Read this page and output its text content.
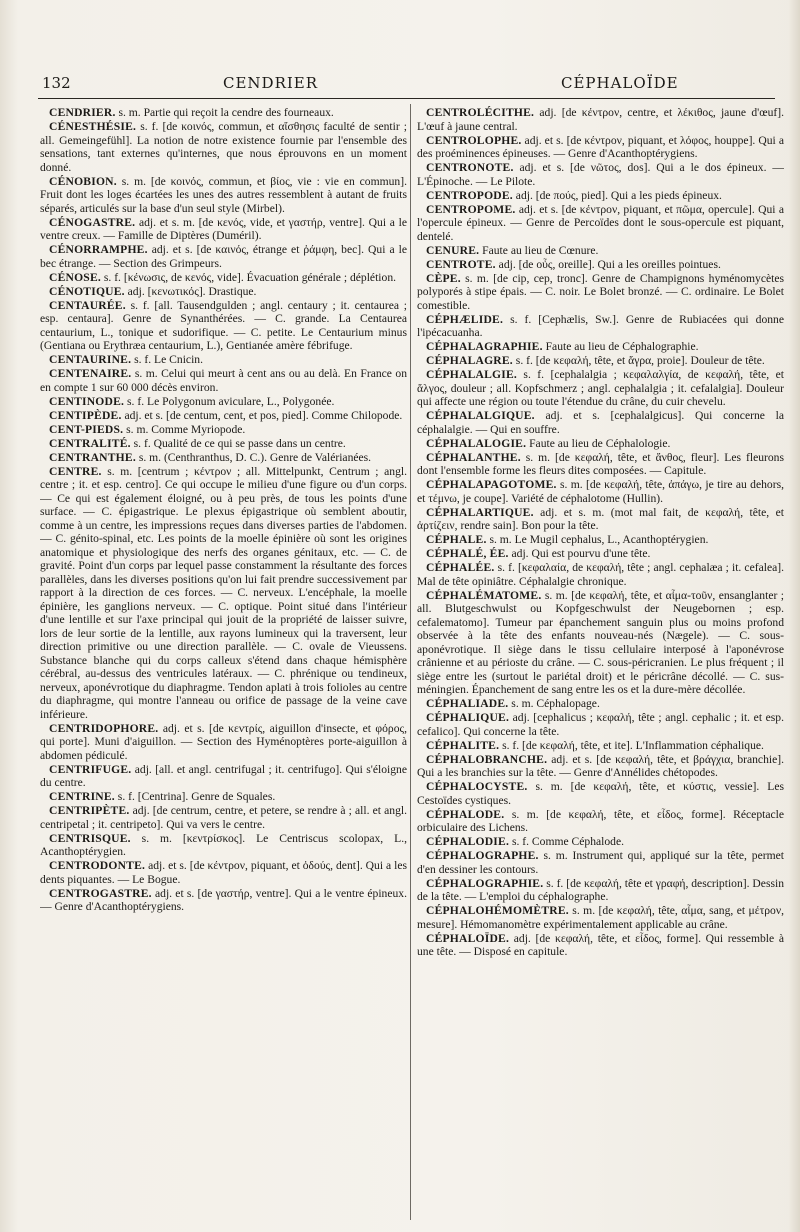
132	CENDRIER	CÉPHALOÏDE

CENDRIER. s. m. Partie qui reçoit la cendre des fourneaux.

CÉNESTHÉSIE. s. f. [de κοινός, commun, et αἴσθησις faculté de sentir ; all. Gemeingefühl]. La notion de notre existence fournie par l'ensemble des sensations, tant externes qu'internes, que nous éprouvons en un moment donné.

CÉNOBION. s. m. [de κοινός, commun, et βίος, vie : vie en commun]. Fruit dont les loges écartées les unes des autres ressemblent à autant de fruits séparés, articulés sur la base d'un seul style (Mirbel).

CÉNOGASTRE. adj. et s. m. [de κενός, vide, et γαστήρ, ventre]. Qui a le ventre creux. — Famille de Diptères (Duméril).

CÉNORRAMPHE. adj. et s. [de καινός, étrange et ῥάμφη, bec]. Qui a le bec étrange. — Section des Grimpeurs.

CÉNOSE. s. f. [κένωσις, de κενός, vide]. Évacuation générale ; déplétion.

CÉNOTIQUE. adj. [κενωτικός]. Drastique.

CENTAURÉE. s. f. [all. Tausendgulden ; angl. centaury ; it. centaurea ; esp. centaura]. Genre de Synanthérées. — C. grande. La Centaurea centaurium, L., tonique et sudorifique. — C. petite. Le Centaurium minus (Gentiana ou Erythræa centaurium, L.), Gentianée amère fébrifuge.

CENTAURINE. s. f. Le Cnicin.

CENTENAIRE. s. m. Celui qui meurt à cent ans ou au delà. En France on en compte 1 sur 60 000 décès environ.

CENTINODE. s. f. Le Polygonum aviculare, L., Polygonée.

CENTIPÈDE. adj. et s. [de centum, cent, et pos, pied]. Comme Chilopode.

CENT-PIEDS. s. m. Comme Myriopode.

CENTRALITÉ. s. f. Qualité de ce qui se passe dans un centre.

CENTRANTHE. s. m. (Centhranthus, D. C.). Genre de Valérianées.

CENTRE. s. m. [centrum ; κέντρον ; all. Mittelpunkt, Centrum ; angl. centre ; it. et esp. centro]. Ce qui occupe le milieu d'une figure ou d'un corps. — Ce qui est également éloigné, ou à peu près, de tous les points d'une surface. — C. épigastrique. Le plexus épigastrique où semblent aboutir, comme à un centre, les impressions reçues dans diverses parties de l'abdomen. — C. génito-spinal, etc. Les points de la moelle épinière où sont les origines anatomique et physiologique des nerfs des organes génitaux, etc. — C. de gravité. Point d'un corps par lequel passe constamment la résultante des forces parallèles, dans les diverses positions qu'on lui fait prendre successivement par rapport à la direction de ces forces. — C. nerveux. L'encéphale, la moelle épinière, les ganglions nerveux. — C. optique. Point situé dans l'intérieur d'une lentille et sur l'axe principal qui jouit de la propriété de laisser suivre, lors de leur sortie de la lentille, aux rayons lumineux qui la traversent, leur direction primitive ou une direction parallèle. — C. ovale de Vieussens. Substance blanche qui du corps calleux s'étend dans chaque hémisphère cérébral, au-dessus des ventricules latéraux. — C. phrénique ou tendineux, nerveux, aponévrotique du diaphragme. Tendon aplati à trois folioles au centre du diaphragme, qui montre l'anneau ou orifice de passage de la veine cave inférieure.

CENTRIDOPHORE. adj. et s. [de κεντρίς, aiguillon d'insecte, et φόρος, qui porte]. Muni d'aiguillon. — Section des Hyménoptères porte-aiguillon à abdomen pédiculé.

CENTRIFUGE. adj. [all. et angl. centrifugal ; it. centrifugo]. Qui s'éloigne du centre.

CENTRINE. s. f. [Centrina]. Genre de Squales.

CENTRIPÈTE. adj. [de centrum, centre, et petere, se rendre à ; all. et angl. centripetal ; it. centripeto]. Qui va vers le centre.

CENTRISQUE. s. m. [κεντρίσκος]. Le Centriscus scolopax, L., Acanthoptérygien.

CENTRODONTE. adj. et s. [de κέντρον, piquant, et ὀδούς, dent]. Qui a les dents piquantes. — Le Bogue.

CENTROGASTRE. adj. et s. [de γαστήρ, ventre]. Qui a le ventre épineux. — Genre d'Acanthoptérygiens.

CENTROLÉCITHE. adj. [de κέντρον, centre, et λέκιθος, jaune d'œuf]. L'œuf à jaune central.

CENTROLOPHE. adj. et s. [de κέντρον, piquant, et λόφος, houppe]. Qui a des proéminences épineuses. — Genre d'Acanthoptérygiens.

CENTRONOTE. adj. et s. [de νῶτος, dos]. Qui a le dos épineux. — L'Épinoche. — Le Pilote.

CENTROPODE. adj. [de πούς, pied]. Qui a les pieds épineux.

CENTROPOME. adj. et s. [de κέντρον, piquant, et πῶμα, opercule]. Qui a l'opercule épineux. — Genre de Percoïdes dont le sous-opercule est piquant, dentelé.

CENURE. Faute au lieu de Cœnure.

CENTROTE. adj. [de οὖς, oreille]. Qui a les oreilles pointues.

CÈPE. s. m. [de cip, cep, tronc]. Genre de Champignons hyménomycètes polyporés à stipe épais. — C. noir. Le Bolet bronzé. — C. ordinaire. Le Bolet comestible.

CÉPHÆLIDE. s. f. [Cephælis, Sw.]. Genre de Rubiacées qui donne l'ipécacuanha.

CÉPHALAGRAPHIE. Faute au lieu de Céphalographie.

CÉPHALAGRE. s. f. [de κεφαλή, tête, et ἄγρα, proie]. Douleur de tête.

CÉPHALALGIE. s. f. [cephalalgia ; κεφαλαλγία, de κεφαλή, tête, et ἄλγος, douleur ; all. Kopfschmerz ; angl. cephalalgia ; it. cefalalgia]. Douleur qui affecte une région ou toute l'étendue du crâne, du cuir chevelu.

CÉPHALALGIQUE. adj. et s. [cephalalgicus]. Qui concerne la céphalalgie. — Qui en souffre.

CÉPHALALOGIE. Faute au lieu de Céphalologie.

CÉPHALANTHE. s. m. [de κεφαλή, tête, et ἄνθος, fleur]. Les fleurons dont l'ensemble forme les fleurs dites composées. — Capitule.

CÉPHALAPAGOTOME. s. m. [de κεφαλή, tête, ἀπάγω, je tire au dehors, et τέμνω, je coupe]. Variété de céphalotome (Hullin).

CÉPHALARTIQUE. adj. et s. m. (mot mal fait, de κεφαλή, tête, et ἀρτίζειν, rendre sain]. Bon pour la tête.

CÉPHALE. s. m. Le Mugil cephalus, L., Acanthoptérygien.

CÉPHALÉ, ÉE. adj. Qui est pourvu d'une tête.

CÉPHALÉE. s. f. [κεφαλαία, de κεφαλή, tête ; angl. cephalæa ; it. cefalea]. Mal de tête opiniâtre. Céphalalgie chronique.

CÉPHALÉMATOME. s. m. [de κεφαλή, tête, et αἷμα-τοῦν, ensanglanter ; all. Blutgeschwulst ou Kopfgeschwulst der Neugebornen ; esp. cefalematomo]. Tumeur par épanchement sanguin plus ou moins profond observée à la tête des enfants nouveau-nés (Nægele). — C. sous-aponévrotique. Il siège dans le tissu cellulaire interposé à l'aponévrose crânienne et au périoste du crâne. — C. sous-péricranien. Le plus fréquent ; il siège entre les (surtout le pariétal droit) et le péricrâne décollé. — C. sus-méningien. Épanchement de sang entre les os et la dure-mère décollée.

CÉPHALIADE. s. m. Céphalopage.

CÉPHALIQUE. adj. [cephalicus ; κεφαλή, tête ; angl. cephalic ; it. et esp. cefalico]. Qui concerne la tête.

CÉPHALITE. s. f. [de κεφαλή, tête, et ite]. L'Inflammation céphalique.

CÉPHALOBRANCHE. adj. et s. [de κεφαλή, tête, et βράγχια, branchie]. Qui a les branchies sur la tête. — Genre d'Annélides chétopodes.

CÉPHALOCYSTE. s. m. [de κεφαλή, tête, et κύστις, vessie]. Les Cestoïdes cystiques.

CÉPHALODE. s. m. [de κεφαλή, tête, et εἶδος, forme]. Réceptacle orbiculaire des Lichens.

CÉPHALODIE. s. f. Comme Céphalode.

CÉPHALOGRAPHE. s. m. Instrument qui, appliqué sur la tête, permet d'en dessiner les contours.

CÉPHALOGRAPHIE. s. f. [de κεφαλή, tête et γραφή, description]. Dessin de la tête. — L'emploi du céphalographe.

CÉPHALOHÉMOMÈTRE. s. m. [de κεφαλή, tête, αἷμα, sang, et μέτρον, mesure]. Hémomanomètre expérimentalement applicable au crâne.

CÉPHALOÏDE. adj. [de κεφαλή, tête, et εἶδος, forme]. Qui ressemble à une tête. — Disposé en capitule.
